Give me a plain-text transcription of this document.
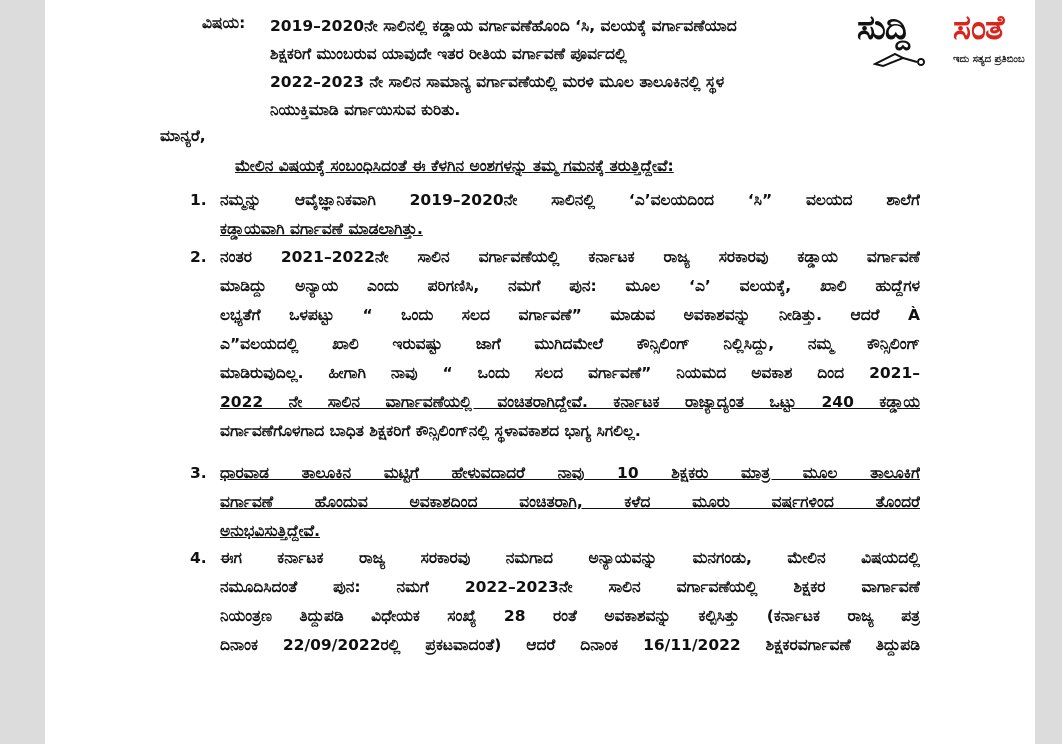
ವಿಷಯ: 2019–2020ನೇ ಸಾಲಿನಲ್ಲಿ ಕಡ್ಡಾಯ ವರ್ಗಾವಣೆಹೊಂದಿ ‘ಸಿ, ವಲಯಕ್ಕೆ ವರ್ಗಾವಣೆಯಾದ
ಶಿಕ್ಷಕರಿಗೆ ಮುಂಬರುವ ಯಾವುದೇ ಇತರ ರೀತಿಯ ವರ್ಗಾವಣೆ ಪೂರ್ವದಲ್ಲಿ
2022–2023 ನೇ ಸಾಲಿನ ಸಾಮಾನ್ಯ ವರ್ಗಾವಣೆಯಲ್ಲಿ ಮರಳಿ ಮೂಲ ತಾಲೂಕಿನಲ್ಲಿ ಸ್ಥಳ
ನಿಯುಕ್ತಿಮಾಡಿ ವರ್ಗಾಯಿಸುವ ಕುರಿತು.
ಮಾನ್ಯರೆ,
ಮೇಲಿನ ವಿಷಯಕ್ಕೆ ಸಂಬಂಧಿಸಿದಂತೆ ಈ ಕೆಳಗಿನ ಅಂಶಗಳನ್ನು ತಮ್ಮ ಗಮನಕ್ಕೆ ತರುತ್ತಿದ್ದೇವೆ:
1. ನಮ್ಮನ್ನು ಆವೈಜ್ಞಾನಿಕವಾಗಿ 2019–2020ನೇ ಸಾಲಿನಲ್ಲಿ ‘ಎ’ವಲಯದಿಂದ ‘ಸಿ” ವಲಯದ ಶಾಲೆಗೆ
ಕಡ್ಡಾಯವಾಗಿ ವರ್ಗಾವಣೆ ಮಾಡಲಾಗಿತ್ತು.
2. ನಂತರ 2021–2022ನೇ ಸಾಲಿನ ವರ್ಗಾವಣೆಯಲ್ಲಿ ಕರ್ನಾಟಕ ರಾಜ್ಯ ಸರಕಾರವು ಕಡ್ಡಾಯ ವರ್ಗಾವಣೆ
ಮಾಡಿದ್ದು ಅನ್ಯಾಯ ಎಂದು ಪರಿಗಣಿಸಿ, ನಮಗೆ ಪುನ: ಮೂಲ ‘ಎ’ ವಲಯಕ್ಕೆ, ಖಾಲಿ ಹುದ್ದೆಗಳ
ಲಭ್ಯತೆಗೆ ಒಳಪಟ್ಟು “ ಒಂದು ಸಲದ ವರ್ಗಾವಣೆ” ಮಾಡುವ ಅವಕಾಶವನ್ನು ನೀಡಿತ್ತು. ಆದರೆ À
ಎ”ವಲಯದಲ್ಲಿ ಖಾಲಿ ಇರುವಷ್ಟು ಜಾಗೆ ಮುಗಿದಮೇಲೆ ಕೌನ್ಸಿಲಿಂಗ್ ನಿಲ್ಲಿಸಿದ್ದು, ನಮ್ಮ ಕೌನ್ಸಿಲಿಂಗ್
ಮಾಡಿರುವುದಿಲ್ಲ. ಹೀಗಾಗಿ ನಾವು “ ಒಂದು ಸಲದ ವರ್ಗಾವಣೆ” ನಿಯಮದ ಅವಕಾಶ ದಿಂದ 2021–
2022 ನೇ ಸಾಲಿನ ವಾರ್ಗಾವಣೆಯಲ್ಲಿ ವಂಚಿತರಾಗಿದ್ದೇವೆ. ಕರ್ನಾಟಕ ರಾಜ್ಯಾದ್ಯಂತ ಒಟ್ಟು 240 ಕಡ್ಡಾಯ
ವರ್ಗಾವಣೆಗೊಳಗಾದ ಬಾಧಿತ ಶಿಕ್ಷಕರಿಗೆ ಕೌನ್ಸಿಲಿಂಗ್‌ನಲ್ಲಿ ಸ್ಥಳಾವಕಾಶದ ಭಾಗ್ಯ ಸಿಗಲಿಲ್ಲ.
3. ಧಾರವಾಡ ತಾಲೂಕಿನ ಮಟ್ಟಿಗೆ ಹೇಳುವದಾದರೆ ನಾವು 10 ಶಿಕ್ಷಕರು ಮಾತ್ರ ಮೂಲ ತಾಲೂಕಿಗೆ
ವರ್ಗಾವಣೆ ಹೊಂದುವ ಅವಕಾಶದಿಂದ ವಂಚಿತರಾಗಿ, ಕಳೆದ ಮೂರು ವರ್ಷಗಳಿಂದ ತೊಂದರೆ
ಅನುಭವಿಸುತ್ತಿದ್ದೇವೆ.
4. ಈಗ ಕರ್ನಾಟಕ ರಾಜ್ಯ ಸರಕಾರವು ನಮಗಾದ ಅನ್ಯಾಯವನ್ನು ಮನಗಂಡು, ಮೇಲಿನ ವಿಷಯದಲ್ಲಿ
ನಮೂದಿಸಿದಂತೆ ಪುನ: ನಮಗೆ 2022–2023ನೇ ಸಾಲಿನ ವರ್ಗಾವಣೆಯಲ್ಲಿ ಶಿಕ್ಷಕರ ವಾರ್ಗಾವಣೆ
ನಿಯಂತ್ರಣ ತಿದ್ದುಪಡಿ ವಿಧೇಯಕ ಸಂಖ್ಯೆ 28 ರಂತೆ ಅವಕಾಶವನ್ನು ಕಲ್ಪಿಸಿತ್ತು (ಕರ್ನಾಟಕ ರಾಜ್ಯ ಪತ್ರ
ದಿನಾಂಕ 22/09/2022ರಲ್ಲಿ ಪ್ರಕಟವಾದಂತೆ) ಆದರೆ ದಿನಾಂಕ 16/11/2022 ಶಿಕ್ಷಕರವರ್ಗಾವಣೆ ತಿದ್ದುಪಡಿ
ಸುದ್ದಿ ಸಂತೆ
ಇದು ಸತ್ಯದ ಪ್ರತಿಬಿಂಬ
